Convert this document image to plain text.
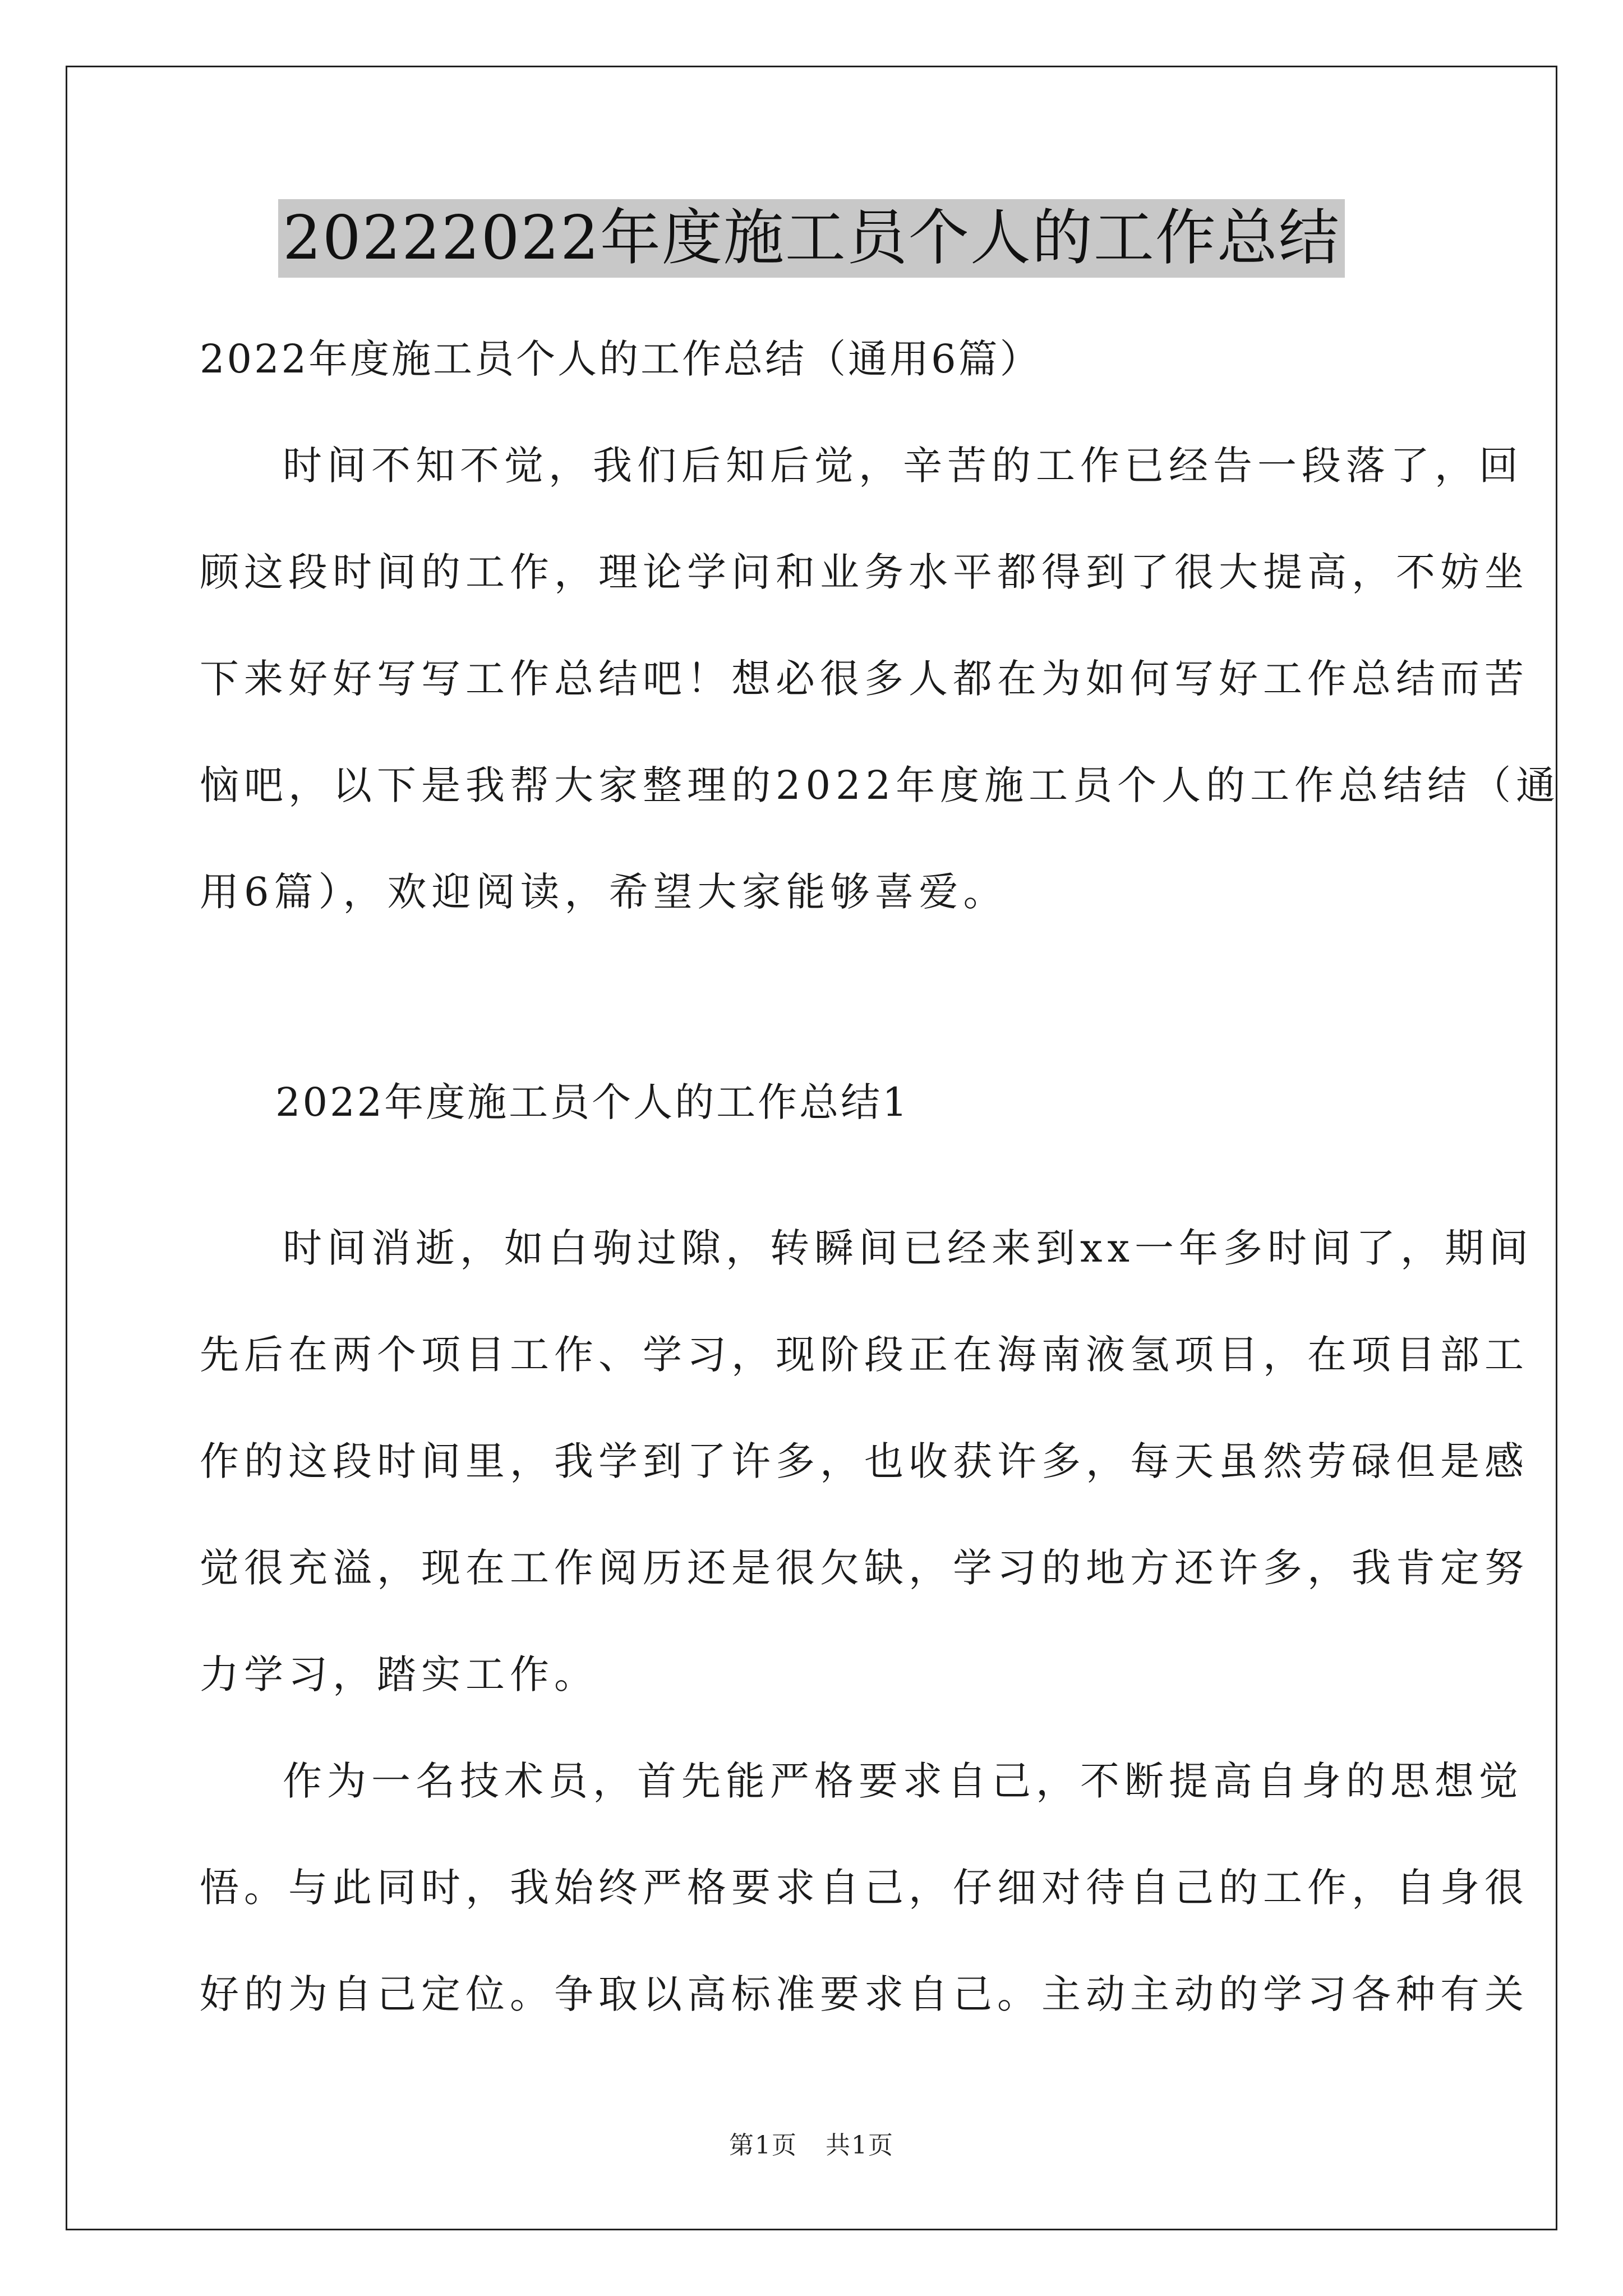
20222022年度施工员个人的工作总结

2022年度施工员个人的工作总结（通用6篇）

时间不知不觉，我们后知后觉，辛苦的工作已经告一段落了，回
顾这段时间的工作，理论学问和业务水平都得到了很大提高，不妨坐
下来好好写写工作总结吧！想必很多人都在为如何写好工作总结而苦
恼吧，以下是我帮大家整理的2022年度施工员个人的工作总结结（通
用6篇），欢迎阅读，希望大家能够喜爱。

2022年度施工员个人的工作总结1

时间消逝，如白驹过隙，转瞬间已经来到xx一年多时间了，期间
先后在两个项目工作、学习，现阶段正在海南液氢项目，在项目部工
作的这段时间里，我学到了许多，也收获许多，每天虽然劳碌但是感
觉很充溢，现在工作阅历还是很欠缺，学习的地方还许多，我肯定努
力学习，踏实工作。

作为一名技术员，首先能严格要求自己，不断提高自身的思想觉
悟。与此同时，我始终严格要求自己，仔细对待自己的工作，自身很
好的为自己定位。争取以高标准要求自己。主动主动的学习各种有关

第1页 共1页
